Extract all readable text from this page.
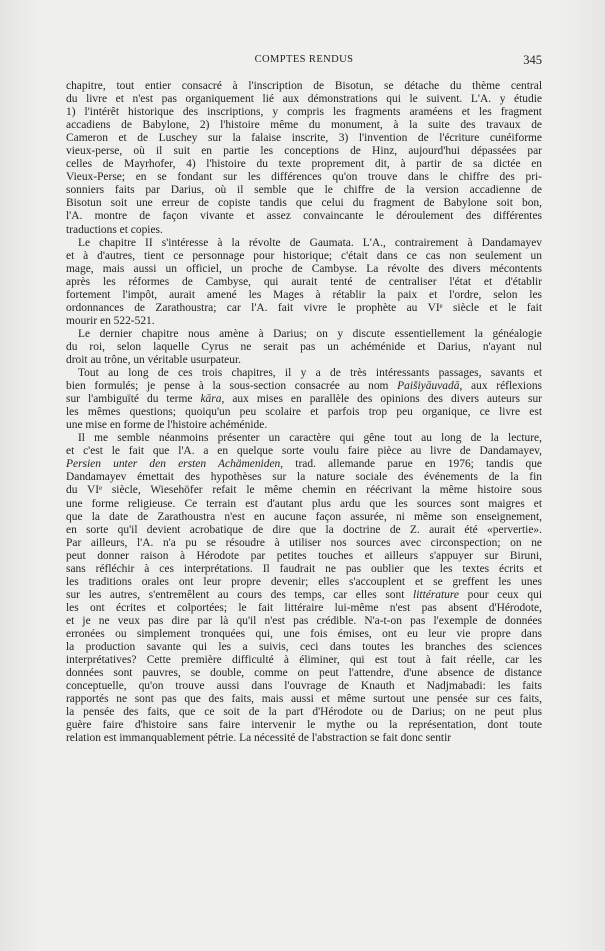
COMPTES RENDUS	345
chapitre, tout entier consacré à l'inscription de Bisotun, se détache du thème central
du livre et n'est pas organiquement lié aux démonstrations qui le suivent. L'A. y étudie
1) l'intérêt historique des inscriptions, y compris les fragments araméens et les fragment
accadiens de Babylone, 2) l'histoire même du monument, à la suite des travaux de
Cameron et de Luschey sur la falaise inscrite, 3) l'invention de l'écriture cunéiforme
vieux-perse, où il suit en partie les conceptions de Hinz, aujourd'hui dépassées par
celles de Mayrhofer, 4) l'histoire du texte proprement dit, à partir de sa dictée en
Vieux-Perse; en se fondant sur les différences qu'on trouve dans le chiffre des pri-
sonniers faits par Darius, où il semble que le chiffre de la version accadienne de
Bisotun soit une erreur de copiste tandis que celui du fragment de Babylone soit bon,
l'A. montre de façon vivante et assez convaincante le déroulement des différentes
traductions et copies.
Le chapitre II s'intéresse à la révolte de Gaumata. L'A., contrairement à Dandamayev
et à d'autres, tient ce personnage pour historique; c'était dans ce cas non seulement un
mage, mais aussi un officiel, un proche de Cambyse. La révolte des divers mécontents
après les réformes de Cambyse, qui aurait tenté de centraliser l'état et d'établir
fortement l'impôt, aurait amené les Mages à rétablir la paix et l'ordre, selon les
ordonnances de Zarathoustra; car l'A. fait vivre le prophète au VIᵉ siècle et le fait
mourir en 522-521.
Le dernier chapitre nous amène à Darius; on y discute essentiellement la généalogie
du roi, selon laquelle Cyrus ne serait pas un achéménide et Darius, n'ayant nul
droit au trône, un véritable usurpateur.
Tout au long de ces trois chapitres, il y a de très intéressants passages, savants et
bien formulés; je pense à la sous-section consacrée au nom Paišiyāuvadā, aux réflexions
sur l'ambiguïté du terme kāra, aux mises en parallèle des opinions des divers auteurs sur
les mêmes questions; quoiqu'un peu scolaire et parfois trop peu organique, ce livre est
une mise en forme de l'histoire achéménide.
Il me semble néanmoins présenter un caractère qui gêne tout au long de la lecture,
et c'est le fait que l'A. a en quelque sorte voulu faire pièce au livre de Dandamayev,
Persien unter den ersten Achämeniden, trad. allemande parue en 1976; tandis que
Dandamayev émettait des hypothèses sur la nature sociale des événements de la fin
du VIᵉ siècle, Wiesehöfer refait le même chemin en réécrivant la même histoire sous
une forme religieuse. Ce terrain est d'autant plus ardu que les sources sont maigres et
que la date de Zarathoustra n'est en aucune façon assurée, ni même son enseignement,
en sorte qu'il devient acrobatique de dire que la doctrine de Z. aurait été «pervertie».
Par ailleurs, l'A. n'a pu se résoudre à utiliser nos sources avec circonspection; on ne
peut donner raison à Hérodote par petites touches et ailleurs s'appuyer sur Biruni,
sans réfléchir à ces interprétations. Il faudrait ne pas oublier que les textes écrits et
les traditions orales ont leur propre devenir; elles s'accouplent et se greffent les unes
sur les autres, s'entremêlent au cours des temps, car elles sont littérature pour ceux qui
les ont écrites et colportées; le fait littéraire lui-même n'est pas absent d'Hérodote,
et je ne veux pas dire par là qu'il n'est pas crédible. N'a-t-on pas l'exemple de données
erronées ou simplement tronquées qui, une fois émises, ont eu leur vie propre dans
la production savante qui les a suivis, ceci dans toutes les branches des sciences
interprétatives? Cette première difficulté à éliminer, qui est tout à fait réelle, car les
données sont pauvres, se double, comme on peut l'attendre, d'une absence de distance
conceptuelle, qu'on trouve aussi dans l'ouvrage de Knauth et Nadjmabadi: les faits
rapportés ne sont pas que des faits, mais aussi et même surtout une pensée sur ces faits,
la pensée des faits, que ce soit de la part d'Hérodote ou de Darius; on ne peut plus
guère faire d'histoire sans faire intervenir le mythe ou la représentation, dont toute
relation est immanquablement pétrie. La nécessité de l'abstraction se fait donc sentir
